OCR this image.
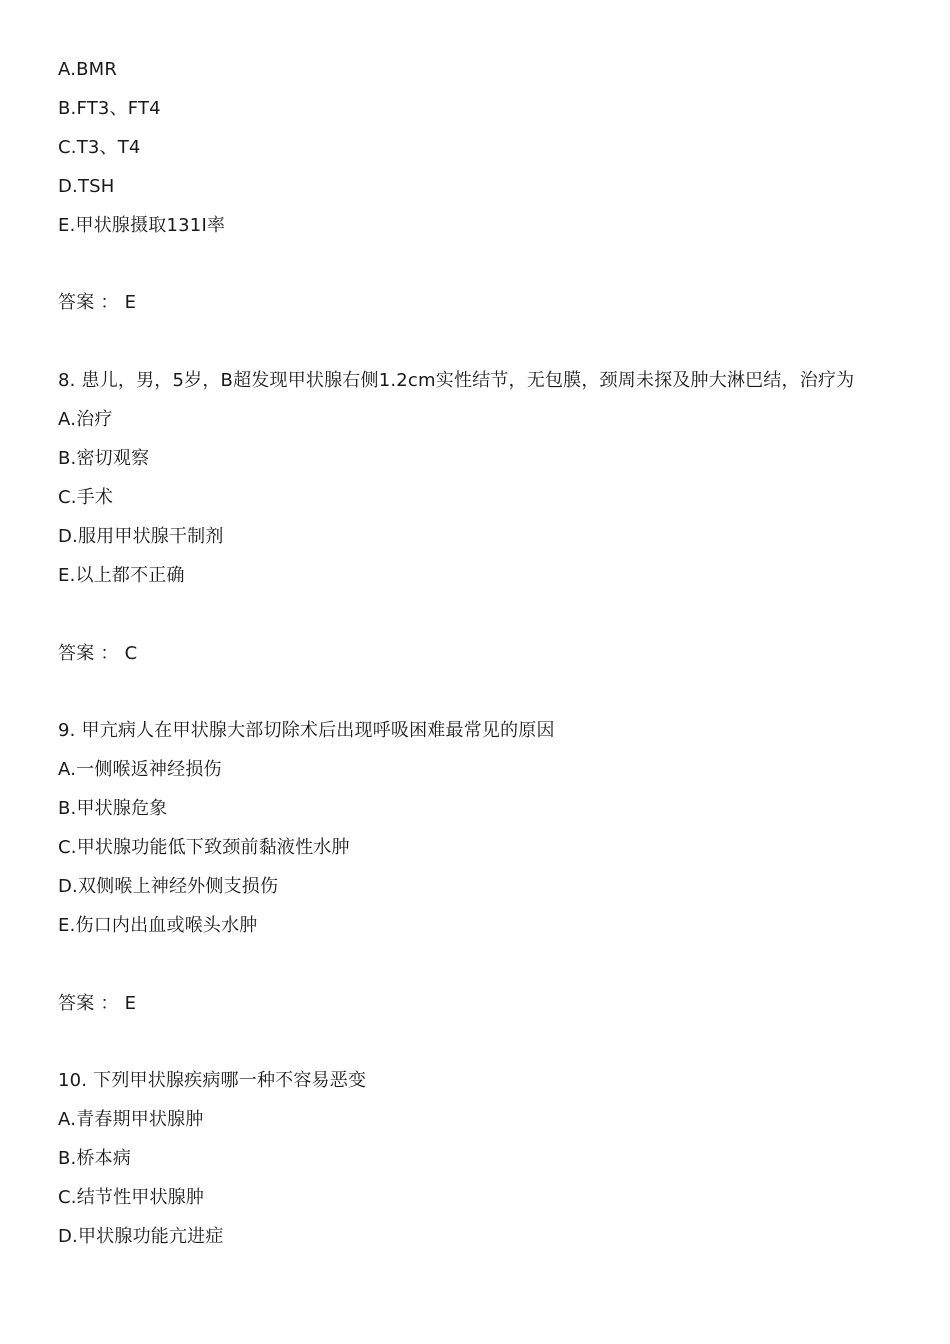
A.BMR
B.FT3、FT4
C.T3、T4
D.TSH
E.甲状腺摄取131I率
答案 ： E
8. 患儿，男，5岁，B超发现甲状腺右侧1.2cm实性结节，无包膜，颈周未探及肿大淋巴结，治疗为
A.治疗
B.密切观察
C.手术
D.服用甲状腺干制剂
E.以上都不正确
答案 ： C
9. 甲亢病人在甲状腺大部切除术后出现呼吸困难最常见的原因
A.一侧喉返神经损伤
B.甲状腺危象
C.甲状腺功能低下致颈前黏液性水肿
D.双侧喉上神经外侧支损伤
E.伤口内出血或喉头水肿
答案 ： E
10. 下列甲状腺疾病哪一种不容易恶变
A.青春期甲状腺肿
B.桥本病
C.结节性甲状腺肿
D.甲状腺功能亢进症
